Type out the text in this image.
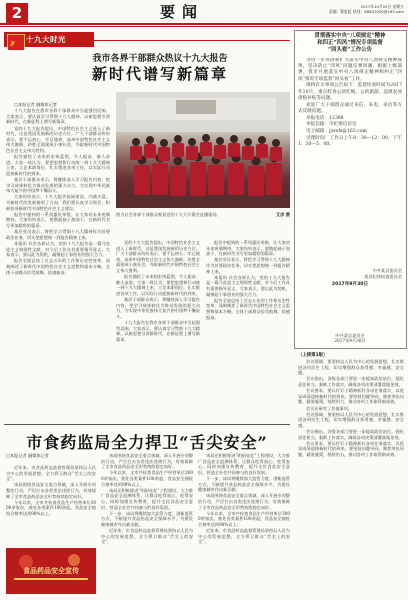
2	要闻	2017年10月20日 星期五
责编：曹虹虹 热线：68847000@163.com
十九大时光
我市各界干部群众热议十九大报告
新时代谱写新篇章

□本报记者 融媒体记者

十九大报告在我市各界干部群众中引起强烈反响。大家表示，要认真学习贯彻十九大精神，以新思想引领新时代，在新征程上谱写新篇章。

党的十九大报告提出，中国特色社会主义进入了新时代，这是我国发展新的历史方位。广大干部群众纷纷表示，要不忘初心、牢记使命，高举中国特色社会主义伟大旗帜，决胜全面建成小康社会，夺取新时代中国特色社会主义伟大胜利。

报告描绘了未来的宏伟蓝图，令人振奋、催人奋进。大家一致认为，要把思想和行动统一到十九大精神上来，立足本职岗位，扎实推进各项工作，以实际行动迎接新时代的到来。

基层干部群众表示，将继续深入学习报告内容，把学习成果转化为推动发展的强大动力，为实现中华民族伟大复兴的中国梦不懈奋斗。

大家纷纷表示，十九大报告高屋建瓴、内涵丰富，为新时代的发展指明了方向，我们要认真学习领会，积极投身新时代中国特色社会主义建设。

报告中提到的一系列惠民举措，让大家对未来充满期待。大家纷纷表示，要撸起袖子加油干，在新时代书写更加精彩的篇章。

基层党员表示，将把学习贯彻十九大精神作为首要政治任务，切实把思想统一到报告精神上来。

本报讯 社会各界认为，党的十九大报告是一篇马克思主义纲领性文献，对今后工作具有重要指导意义。大家表示，要以此为契机，凝聚起干事创业的强大合力。

报告全面总结了过去五年的工作和历史性变革，深刻阐述了新时代中国特色社会主义思想和基本方略，全体干部群众倍受鼓舞、倍感振奋。

图为社会各界干部群众观看党的十九大开幕会直播现场。	艾彦 摄

党的十九大报告提出，中国特色社会主义进入了新时代，这是我国发展新的历史方位。广大干部群众纷纷表示，要不忘初心、牢记使命，高举中国特色社会主义伟大旗帜，决胜全面建成小康社会，夺取新时代中国特色社会主义伟大胜利。

报告描绘了未来的宏伟蓝图，令人振奋、催人奋进。大家一致认为，要把思想和行动统一到十九大精神上来，立足本职岗位，扎实推进各项工作，以实际行动迎接新时代的到来。

基层干部群众表示，将继续深入学习报告内容，把学习成果转化为推动发展的强大动力，为实现中华民族伟大复兴的中国梦不懈奋斗。

十九大报告在我市各界干部群众中引起强烈反响。大家表示，要认真学习贯彻十九大精神，以新思想引领新时代，在新征程上谱写新篇章。

报告中提到的一系列惠民举措，让大家对未来充满期待。大家纷纷表示，要撸起袖子加油干，在新时代书写更加精彩的篇章。

基层党员表示，将把学习贯彻十九大精神作为首要政治任务，切实把思想统一到报告精神上来。

本报讯 社会各界认为，党的十九大报告是一篇马克思主义纲领性文献，对今后工作具有重要指导意义。大家表示，要以此为契机，凝聚起干事创业的强大合力。

报告全面总结了过去五年的工作和历史性变革，深刻阐述了新时代中国特色社会主义思想和基本方略，全体干部群众倍受鼓舞、倍感振奋。

贯彻落实中央“八项规定”精神
和四正“四风”情况专项监督
“回头看”工作公告

为进一步巩固和扩大落实中央八项规定精神成果，坚决防止“四风”问题反弹回潮，根据上级部署，我市开展落实中央八项规定精神和纠正“四风”情况专项监督“回头看”工作。

现将有关事项公告如下：监督检查时间为2017年10月，重点检查公款吃喝、公款旅游、违规发放津贴补贴等问题。

欢迎广大干部群众通过来信、来电、来访等方式反映问题。

举报电话：12388

举报信箱：市纪委信访室

电子邮箱：jjwxfs@163.com

受理时间：工作日上午8：30—12：00，下午1：30—5：00。

中共某县委员会
某县纪律检查委员会
2017年9月30日
中共某县委员会
2017年9月30日
（上接第1版）

会议强调，要坚持以人民为中心的发展思想，扎实推进各项民生工程，切实增强群众获得感、幸福感、安全感。

会议指出，各级各部门要进一步提高政治站位，强化责任担当，狠抓工作落实，确保各项决策部署落地见效。

会议要求，要以钉钉子精神抓好各项任务落实，以优异成绩迎接新时代的到来。要坚持问题导向，聚焦突出问题，精准施策，持续用力，推动各项工作取得新成效。

会议还研究了其他事项。

会议强调，要坚持以人民为中心的发展思想，扎实推进各项民生工程，切实增强群众获得感、幸福感、安全感。

会议指出，各级各部门要进一步提高政治站位，强化责任担当，狠抓工作落实，确保各项决策部署落地见效。

会议要求，要以钉钉子精神抓好各项任务落实，以优异成绩迎接新时代的到来。要坚持问题导向，聚焦突出问题，精准施策，持续用力，推动各项工作取得新成效。

市食药监局全力捍卫“舌尖安全”
□本报记者 融媒体记者

近年来，市食品药品监督管理局坚持以人民为中心的发展思想，全力捍卫群众“舌尖上的安全”。

该局围绕食品安全重点领域，深入开展专项整治行动，严厉打击各类违法违规行为，有效保障了全市食品药品安全形势持续稳定向好。

今年以来，全市共检查食品生产经营单位3000余家次，查处各类案件100余起，食品安全抽检合格率达到98%以上。

该局围绕食品安全重点领域，深入开展专项整治行动，严厉打击各类违法违规行为，有效保障了全市食品药品安全形势持续稳定向好。

今年以来，全市共检查食品生产经营单位3000余家次，查处各类案件100余起，食品安全抽检合格率达到98%以上。

该局还积极推进“明厨亮灶”工程建设，大力推广食品安全追溯体系，让群众吃得放心、吃得安心。同时加强宣传教育，提升全民食品安全意识，营造全社会共同参与的良好氛围。

下一步，该局将继续加大监管力度，创新监管方式，不断提升食品药品安全保障水平，为建设健康城市作出新贡献。

近年来，市食品药品监督管理局坚持以人民为中心的发展思想，全力捍卫群众“舌尖上的安全”。

该局还积极推进“明厨亮灶”工程建设，大力推广食品安全追溯体系，让群众吃得放心、吃得安心。同时加强宣传教育，提升全民食品安全意识，营造全社会共同参与的良好氛围。

下一步，该局将继续加大监管力度，创新监管方式，不断提升食品药品安全保障水平，为建设健康城市作出新贡献。

该局围绕食品安全重点领域，深入开展专项整治行动，严厉打击各类违法违规行为，有效保障了全市食品药品安全形势持续稳定向好。

今年以来，全市共检查食品生产经营单位3000余家次，查处各类案件100余起，食品安全抽检合格率达到98%以上。

近年来，市食品药品监督管理局坚持以人民为中心的发展思想，全力捍卫群众“舌尖上的安全”。

食品药品安全宣传
